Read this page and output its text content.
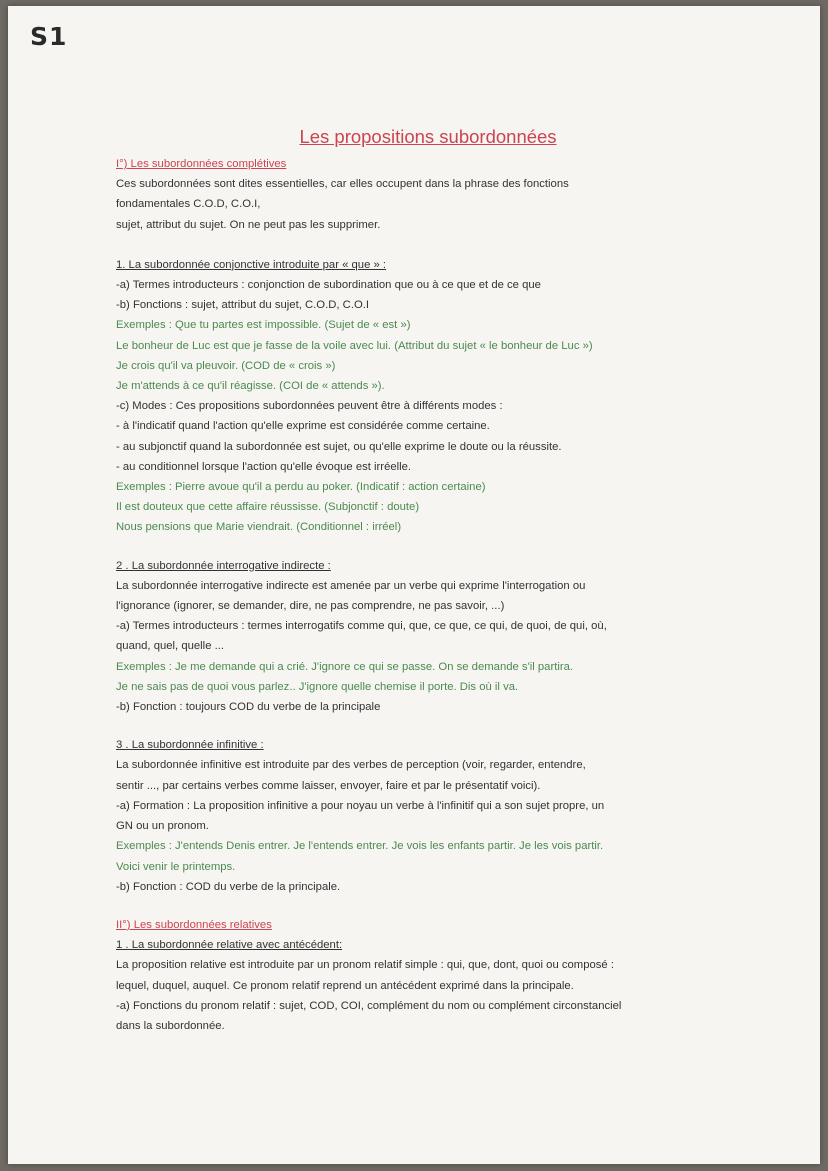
S1
Les propositions subordonnées
I°) Les subordonnées complétives
Ces subordonnées sont dites essentielles, car elles occupent dans la phrase des fonctions
fondamentales C.O.D, C.O.I,
sujet, attribut du sujet. On ne peut pas les supprimer.
1. La subordonnée conjonctive introduite par « que » :
-a) Termes introducteurs : conjonction de subordination que ou à ce que et de ce que
-b) Fonctions : sujet, attribut du sujet, C.O.D, C.O.I
Exemples : Que tu partes est impossible. (Sujet de « est »)
Le bonheur de Luc est que je fasse de la voile avec lui. (Attribut du sujet « le bonheur de Luc »)
Je crois qu'il va pleuvoir. (COD de « crois »)
Je m'attends à ce qu'il réagisse. (COI de « attends »).
-c) Modes : Ces propositions subordonnées peuvent être à différents modes :
- à l'indicatif quand l'action qu'elle exprime est considérée comme certaine.
- au subjonctif quand la subordonnée est sujet, ou qu'elle exprime le doute ou la réussite.
- au conditionnel lorsque l'action qu'elle évoque est irréelle.
Exemples : Pierre avoue qu'il a perdu au poker. (Indicatif : action certaine)
Il est douteux que cette affaire réussisse. (Subjonctif : doute)
Nous pensions que Marie viendrait. (Conditionnel : irréel)
2 . La subordonnée interrogative indirecte :
La subordonnée interrogative indirecte est amenée par un verbe qui exprime l'interrogation ou
l'ignorance (ignorer, se demander, dire, ne pas comprendre, ne pas savoir, ...)
-a) Termes introducteurs : termes interrogatifs comme qui, que, ce que, ce qui, de quoi, de qui, où,
quand, quel, quelle ...
Exemples : Je me demande qui a crié. J'ignore ce qui se passe. On se demande s'il partira.
Je ne sais pas de quoi vous parlez.. J'ignore quelle chemise il porte. Dis où il va.
-b) Fonction : toujours COD du verbe de la principale
3 . La subordonnée infinitive :
La subordonnée infinitive est introduite par des verbes de perception (voir, regarder, entendre,
sentir ..., par certains verbes comme laisser, envoyer, faire et par le présentatif voici).
-a) Formation : La proposition infinitive a pour noyau un verbe à l'infinitif qui a son sujet propre, un
GN ou un pronom.
Exemples : J'entends Denis entrer. Je l'entends entrer. Je vois les enfants partir. Je les vois partir.
Voici venir le printemps.
-b) Fonction : COD du verbe de la principale.
II°) Les subordonnées relatives
1 . La subordonnée relative avec antécédent:
La proposition relative est introduite par un pronom relatif simple : qui, que, dont, quoi ou composé :
lequel, duquel, auquel. Ce pronom relatif reprend un antécédent exprimé dans la principale.
-a) Fonctions du pronom relatif : sujet, COD, COI, complément du nom ou complément circonstanciel
dans la subordonnée.
